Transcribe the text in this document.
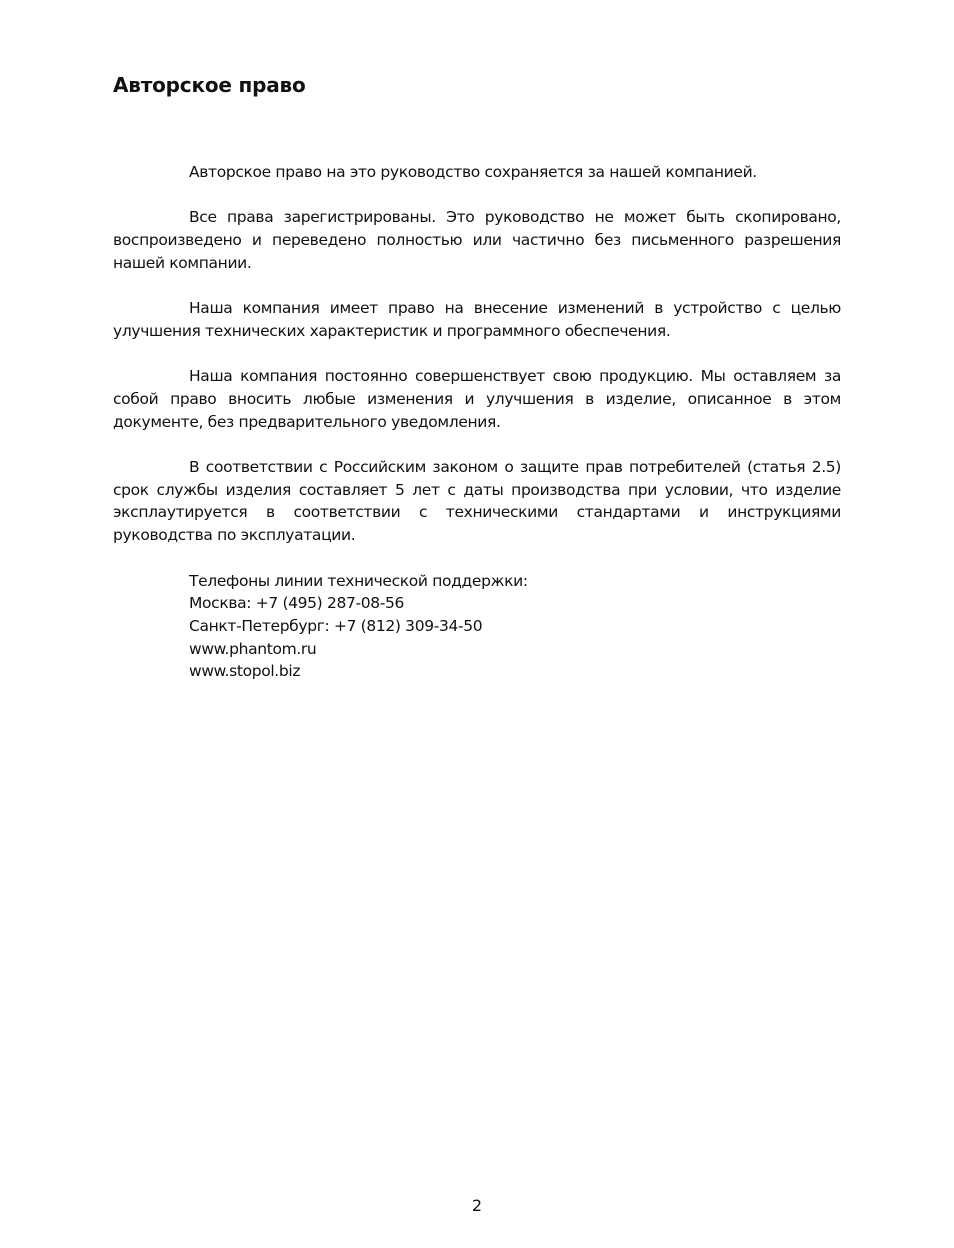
Авторское право

Авторское право на это руководство сохраняется за нашей компанией.

Все права зарегистрированы. Это руководство не может быть скопировано, воспроизведено и переведено полностью или частично без письменного разрешения нашей компании.

Наша компания имеет право на внесение изменений в устройство с целью улучшения технических характеристик и программного обеспечения.

Наша компания постоянно совершенствует свою продукцию. Мы оставляем за собой право вносить любые изменения и улучшения в изделие, описанное в этом документе, без предварительного уведомления.

В соответствии с Российским законом о защите прав потребителей (статья 2.5) срок службы изделия составляет 5 лет с даты производства при условии, что изделие эксплаутируется в соответствии с техническими стандартами и инструкциями руководства по эксплуатации.

Телефоны линии технической поддержки:
Москва: +7 (495) 287-08-56
Санкт-Петербург: +7 (812) 309-34-50
www.phantom.ru
www.stopol.biz
2
